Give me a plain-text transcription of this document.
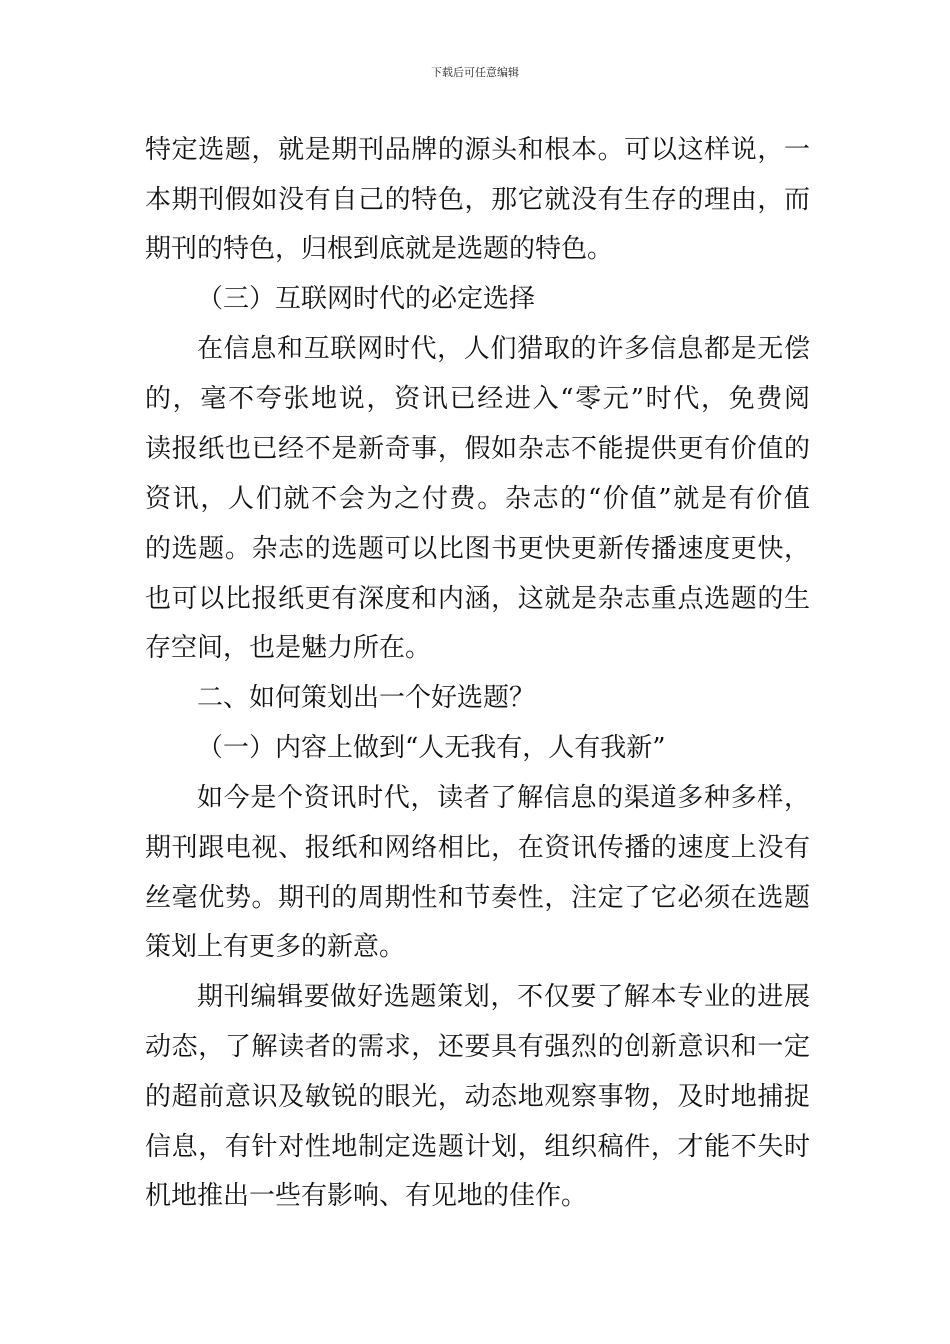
下载后可任意编辑
特定选题，就是期刊品牌的源头和根本。可以这样说，一
本期刊假如没有自己的特色，那它就没有生存的理由，而
期刊的特色，归根到底就是选题的特色。
（三）互联网时代的必定选择
在信息和互联网时代，人们猎取的许多信息都是无偿
的，毫不夸张地说，资讯已经进入“零元”时代，免费阅
读报纸也已经不是新奇事，假如杂志不能提供更有价值的
资讯，人们就不会为之付费。杂志的“价值”就是有价值
的选题。杂志的选题可以比图书更快更新传播速度更快，
也可以比报纸更有深度和内涵，这就是杂志重点选题的生
存空间，也是魅力所在。
二、如何策划出一个好选题？
（一）内容上做到“人无我有，人有我新”
如今是个资讯时代，读者了解信息的渠道多种多样，
期刊跟电视、报纸和网络相比，在资讯传播的速度上没有
丝毫优势。期刊的周期性和节奏性，注定了它必须在选题
策划上有更多的新意。
期刊编辑要做好选题策划，不仅要了解本专业的进展
动态，了解读者的需求，还要具有强烈的创新意识和一定
的超前意识及敏锐的眼光，动态地观察事物，及时地捕捉
信息，有针对性地制定选题计划，组织稿件，才能不失时
机地推出一些有影响、有见地的佳作。
